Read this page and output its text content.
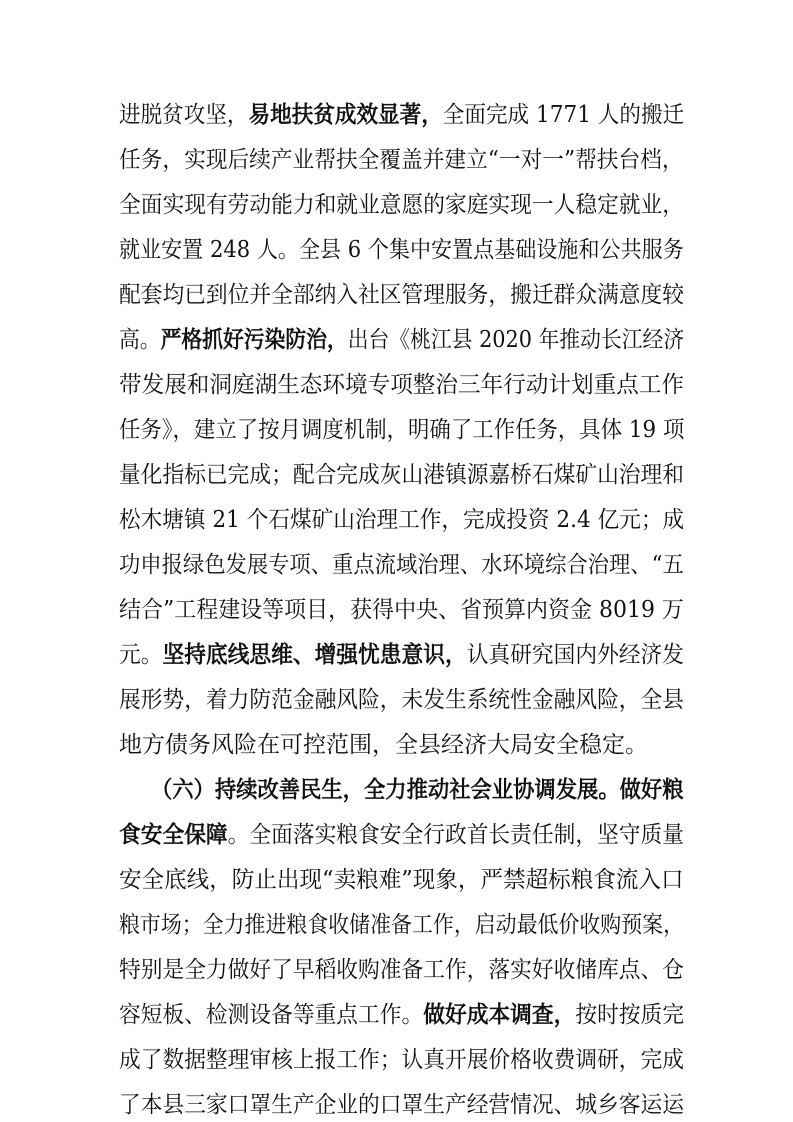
进脱贫攻坚，易地扶贫成效显著，全面完成 1771 人的搬迁
任务，实现后续产业帮扶全覆盖并建立“一对一”帮扶台档，
全面实现有劳动能力和就业意愿的家庭实现一人稳定就业，
就业安置 248 人。全县 6 个集中安置点基础设施和公共服务
配套均已到位并全部纳入社区管理服务，搬迁群众满意度较
高。严格抓好污染防治，出台《桃江县 2020 年推动长江经济
带发展和洞庭湖生态环境专项整治三年行动计划重点工作
任务》，建立了按月调度机制，明确了工作任务，具体 19 项
量化指标已完成；配合完成灰山港镇源嘉桥石煤矿山治理和
松木塘镇 21 个石煤矿山治理工作，完成投资 2.4 亿元；成
功申报绿色发展专项、重点流域治理、水环境综合治理、“五
结合”工程建设等项目，获得中央、省预算内资金 8019 万
元。坚持底线思维、增强忧患意识，认真研究国内外经济发
展形势，着力防范金融风险，未发生系统性金融风险，全县
地方债务风险在可控范围，全县经济大局安全稳定。
　　（六）持续改善民生，全力推动社会业协调发展。做好粮
食安全保障。全面落实粮食安全行政首长责任制，坚守质量
安全底线，防止出现“卖粮难”现象，严禁超标粮食流入口
粮市场；全力推进粮食收储准备工作，启动最低价收购预案，
特别是全力做好了早稻收购准备工作，落实好收储库点、仓
容短板、检测设备等重点工作。做好成本调查，按时按质完
成了数据整理审核上报工作；认真开展价格收费调研，完成
了本县三家口罩生产企业的口罩生产经营情况、城乡客运运
